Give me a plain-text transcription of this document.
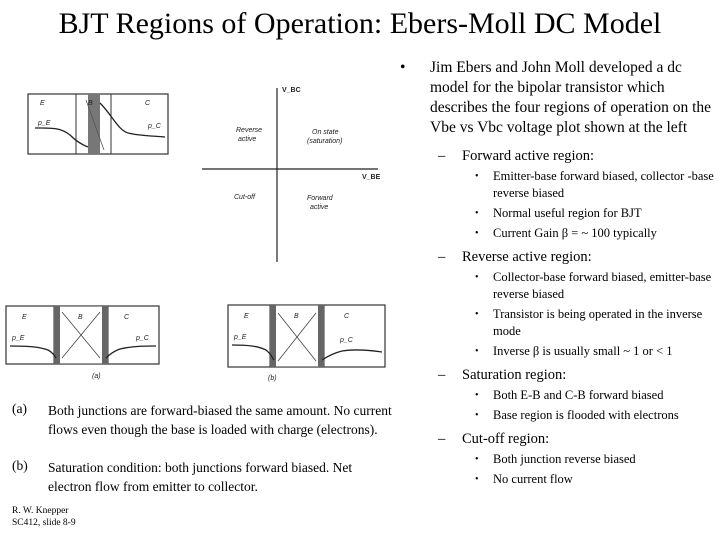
BJT Regions of Operation: Ebers-Moll DC Model
E	B	C
p_E	p_C
V_BC
V_BE
Reverse
active
On state
(saturation)
Cut-off	Forward
active
E	B	C
p_E	p_C
(a)
E	B	C
p_E	p_C
(b)
(a) Both junctions are forward-biased the same amount. No current flows even though the base is loaded with charge (electrons).
(b) Saturation condition: both junctions forward biased. Net electron flow from emitter to collector.
R. W. Knepper
SC412, slide 8-9
• Jim Ebers and John Moll developed a dc model for the bipolar transistor which describes the four regions of operation on the Vbe vs Vbc voltage plot shown at the left
– Forward active region:
• Emitter-base forward biased, collector -base reverse biased
• Normal useful region for BJT
• Current Gain β = ~ 100 typically
– Reverse active region:
• Collector-base forward biased, emitter-base reverse biased
• Transistor is being operated in the inverse mode
• Inverse β is usually small ~ 1 or < 1
– Saturation region:
• Both E-B and C-B forward biased
• Base region is flooded with electrons
– Cut-off region:
• Both junction reverse biased
• No current flow
